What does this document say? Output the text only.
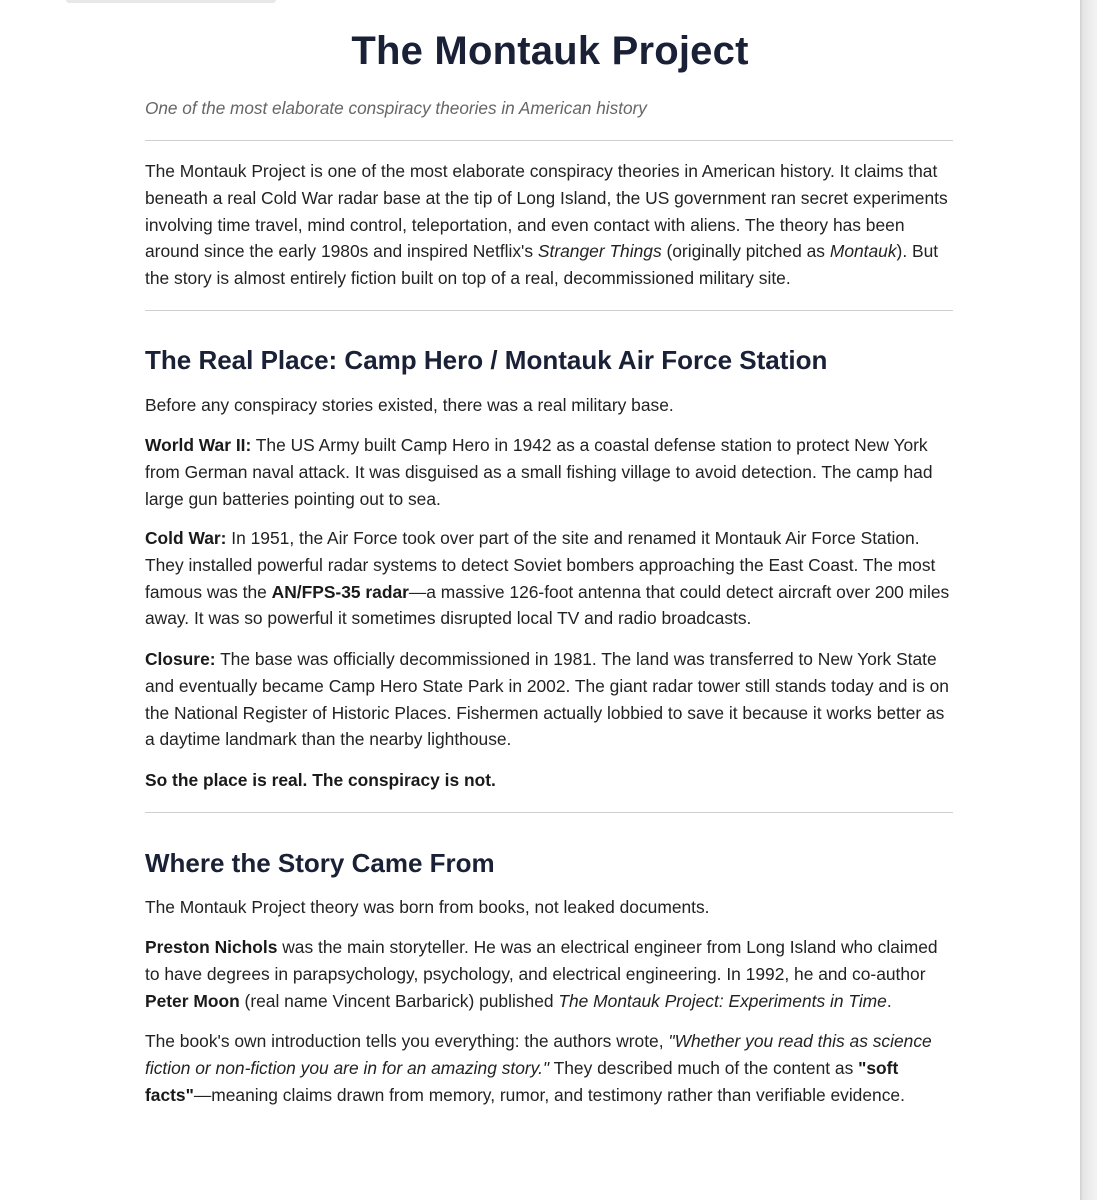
The Montauk Project

One of the most elaborate conspiracy theories in American history

The Montauk Project is one of the most elaborate conspiracy theories in American history. It claims that beneath a real Cold War radar base at the tip of Long Island, the US government ran secret experiments involving time travel, mind control, teleportation, and even contact with aliens. The theory has been around since the early 1980s and inspired Netflix's Stranger Things (originally pitched as Montauk). But the story is almost entirely fiction built on top of a real, decommissioned military site.

The Real Place: Camp Hero / Montauk Air Force Station

Before any conspiracy stories existed, there was a real military base.

World War II: The US Army built Camp Hero in 1942 as a coastal defense station to protect New York from German naval attack. It was disguised as a small fishing village to avoid detection. The camp had large gun batteries pointing out to sea.

Cold War: In 1951, the Air Force took over part of the site and renamed it Montauk Air Force Station. They installed powerful radar systems to detect Soviet bombers approaching the East Coast. The most famous was the AN/FPS-35 radar—a massive 126-foot antenna that could detect aircraft over 200 miles away. It was so powerful it sometimes disrupted local TV and radio broadcasts.

Closure: The base was officially decommissioned in 1981. The land was transferred to New York State and eventually became Camp Hero State Park in 2002. The giant radar tower still stands today and is on the National Register of Historic Places. Fishermen actually lobbied to save it because it works better as a daytime landmark than the nearby lighthouse.

So the place is real. The conspiracy is not.

Where the Story Came From

The Montauk Project theory was born from books, not leaked documents.

Preston Nichols was the main storyteller. He was an electrical engineer from Long Island who claimed to have degrees in parapsychology, psychology, and electrical engineering. In 1992, he and co-author Peter Moon (real name Vincent Barbarick) published The Montauk Project: Experiments in Time.

The book's own introduction tells you everything: the authors wrote, "Whether you read this as science fiction or non-fiction you are in for an amazing story." They described much of the content as "soft facts"—meaning claims drawn from memory, rumor, and testimony rather than verifiable evidence.
